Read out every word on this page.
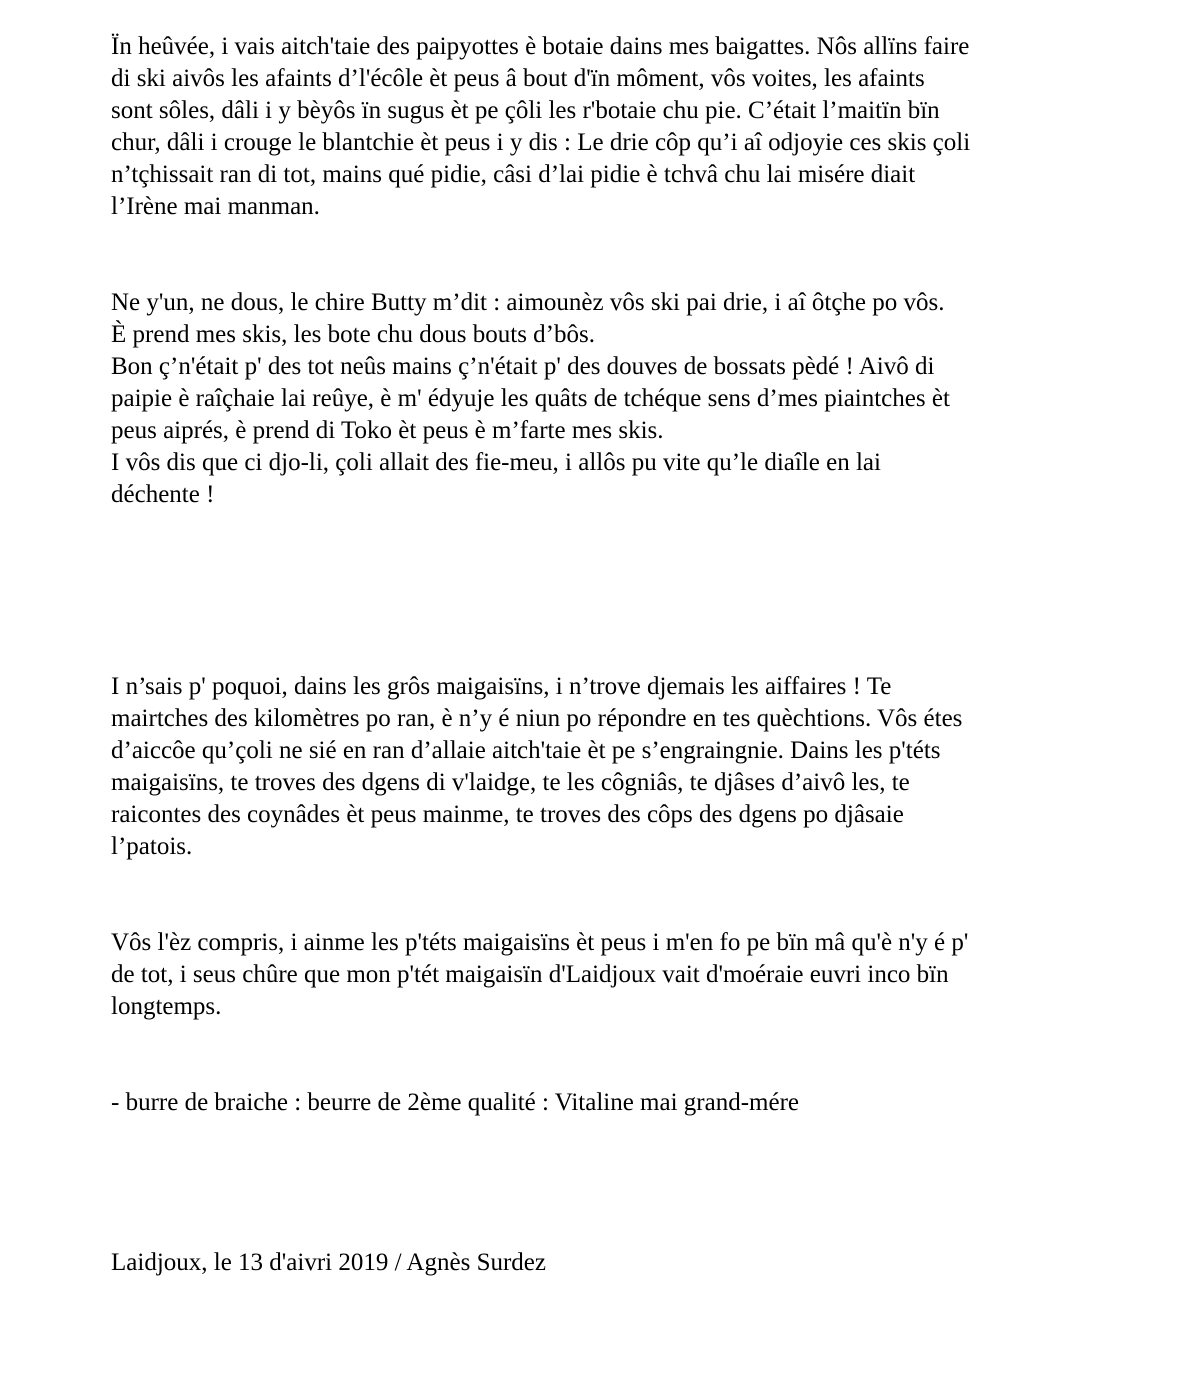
Ïn heûvée, i vais aitch'taie des paipyottes è botaie dains mes baigattes. Nôs allïns faire
di ski aivôs les afaints d’l'écôle èt peus â bout d'ïn môment, vôs voites, les afaints
sont sôles, dâli i y bèyôs ïn sugus èt pe çôli les r'botaie chu pie. C’était l’maitïn bïn
chur, dâli i crouge le blantchie èt peus i y dis : Le drie côp qu’i aî odjoyie ces skis çoli
n’tçhissait ran di tot, mains qué pidie, câsi d’lai pidie è tchvâ chu lai misére diait
l’Irène mai manman.

Ne y'un, ne dous, le chire Butty m’dit : aimounèz vôs ski pai drie, i aî ôtçhe po vôs.
È prend mes skis, les bote chu dous bouts d’bôs.
Bon ç’n'était p' des tot neûs mains ç’n'était p' des douves de bossats pèdé ! Aivô di
paipie è raîçhaie lai reûye, è m' édyuje les quâts de tchéque sens d’mes piaintches èt
peus aiprés, è prend di Toko èt peus è m’farte mes skis.
I vôs dis que ci djo-li, çoli allait des fie-meu, i allôs pu vite qu’le diaîle en lai
déchente !

I n’sais p' poquoi, dains les grôs maigaisïns, i n’trove djemais les aiffaires ! Te
mairtches des kilomètres po ran, è n’y é niun po répondre en tes quèchtions. Vôs étes
d’aiccôe qu’çoli ne sié en ran d’allaie aitch'taie èt pe s’engraingnie. Dains les p'téts
maigaisïns, te troves des dgens di v'laidge, te les côgniâs, te djâses d’aivô les, te
raicontes des coynâdes èt peus mainme, te troves des côps des dgens po djâsaie
l’patois.

Vôs l'èz compris, i ainme les p'téts maigaisïns èt peus i m'en fo pe bïn mâ qu'è n'y é p'
de tot, i seus chûre que mon p'tét maigaisïn d'Laidjoux vait d'moéraie euvri inco bïn
longtemps.

- burre de braiche : beurre de 2ème qualité : Vitaline mai grand-mére

Laidjoux, le 13 d'aivri 2019 / Agnès Surdez
